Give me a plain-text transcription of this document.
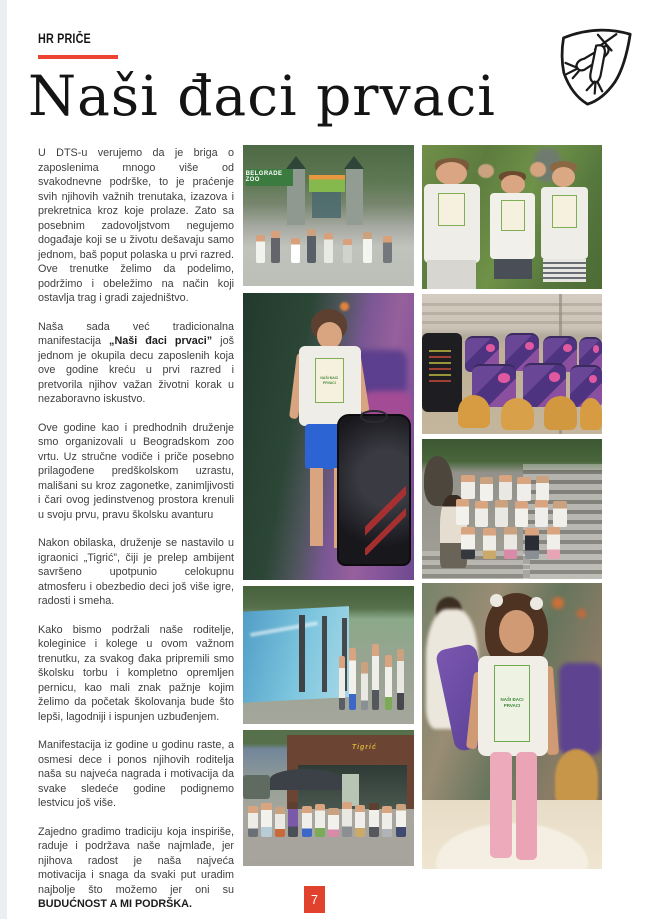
HR PRIČE
Naši đaci prvaci

U DTS-u verujemo da je briga o zaposlenima mnogo više od svakodnevne podrške, to je praćenje svih njihovih važnih trenutaka, izazova i prekretnica kroz koje prolaze. Zato sa posebnim zadovoljstvom negujemo događaje koji se u životu dešavaju samo jednom, baš poput polaska u prvi razred. Ove trenutke želimo da podelimo, podržimo i obeležimo na način koji ostavlja trag i gradi zajedništvo.

Naša sada već tradicionalna manifestacija „Naši đaci prvaci” još jednom je okupila decu zaposlenih koja ove godine kreću u prvi razred i pretvorila njihov važan životni korak u nezaboravno iskustvo.

Ove godine kao i predhodnih druženje smo organizovali u Beogradskom zoo vrtu. Uz stručne vodiče i priče posebno prilagođene predškolskom uzrastu, mališani su kroz zagonetke, zanimljivosti i čari ovog jedinstvenog prostora krenuli u svoju prvu, pravu školsku avanturu

Nakon obilaska, druženje se nastavilo u igraonici „Tigrić”, čiji je prelep ambijent savršeno upotpunio celokupnu atmosferu i obezbedio deci još više igre, radosti i smeha.

Kako bismo podržali naše roditelje, koleginice i kolege u ovom važnom trenutku, za svakog đaka pripremili smo školsku torbu i kompletno opremljen pernicu, kao mali znak pažnje kojim želimo da početak školovanja bude što lepši, lagodniji i ispunjen uzbuđenjem.

Manifestacija iz godine u godinu raste, a osmesi dece i ponos njihovih roditelja naša su najveća nagrada i motivacija da svake sledeće godine podignemo lestvicu još više.

Zajedno gradimo tradiciju koja inspiriše, raduje i podržava naše najmlađe, jer njihova radost je naša najveća motivacija i snaga da svaki put uradim najbolje što možemo jer oni su BUDUĆNOST A MI PODRŠKA.

BELGRADE ZOO
NAŠI ĐACI PRVACI
Tigrić
NAŠI ĐACI PRVACI
7
